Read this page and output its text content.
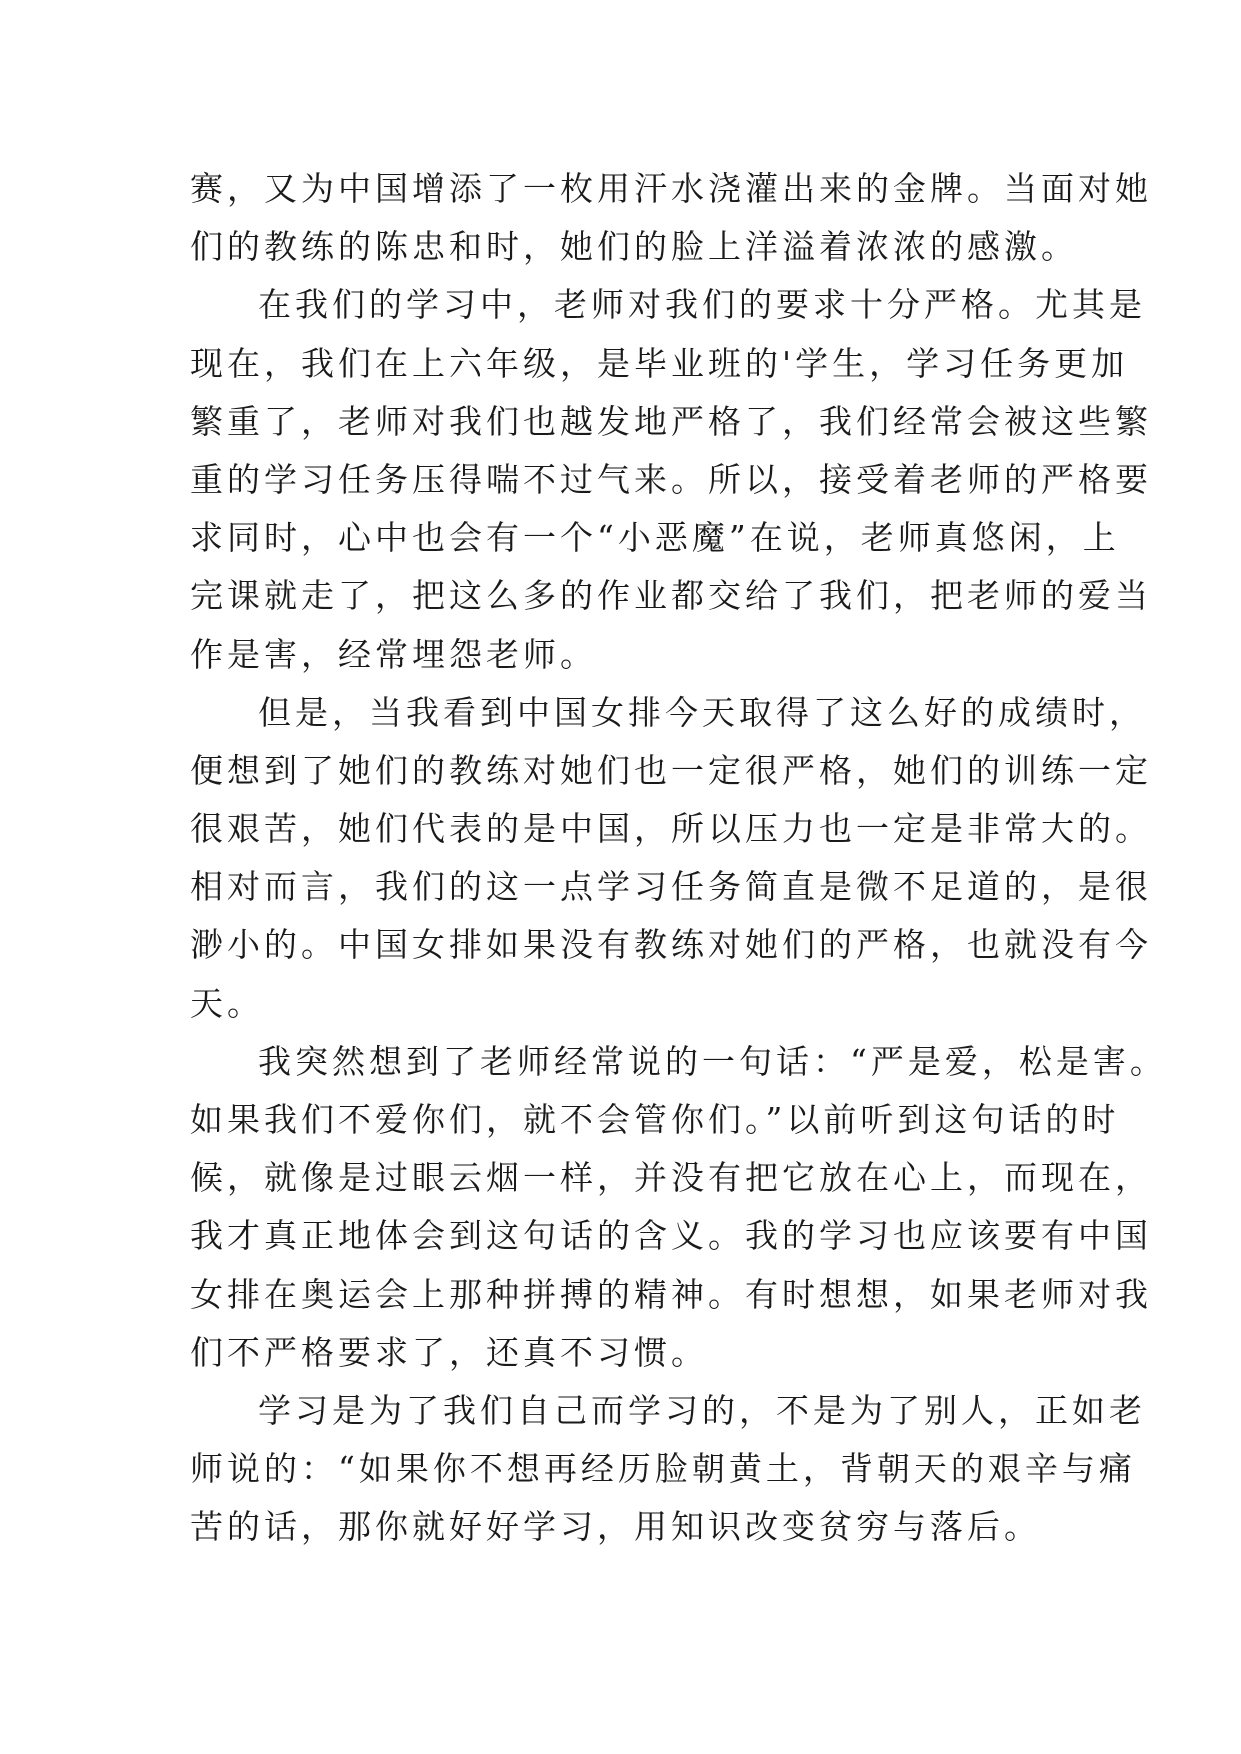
赛，又为中国增添了一枚用汗水浇灌出来的金牌。当面对她
们的教练的陈忠和时，她们的脸上洋溢着浓浓的感激。
在我们的学习中，老师对我们的要求十分严格。尤其是
现在，我们在上六年级，是毕业班的'学生，学习任务更加
繁重了，老师对我们也越发地严格了，我们经常会被这些繁
重的学习任务压得喘不过气来。所以，接受着老师的严格要
求同时，心中也会有一个“小恶魔”在说，老师真悠闲，上
完课就走了，把这么多的作业都交给了我们，把老师的爱当
作是害，经常埋怨老师。
但是，当我看到中国女排今天取得了这么好的成绩时，
便想到了她们的教练对她们也一定很严格，她们的训练一定
很艰苦，她们代表的是中国，所以压力也一定是非常大的。
相对而言，我们的这一点学习任务简直是微不足道的，是很
渺小的。中国女排如果没有教练对她们的严格，也就没有今
天。
我突然想到了老师经常说的一句话：“严是爱，松是害。
如果我们不爱你们，就不会管你们。”以前听到这句话的时
候，就像是过眼云烟一样，并没有把它放在心上，而现在，
我才真正地体会到这句话的含义。我的学习也应该要有中国
女排在奥运会上那种拼搏的精神。有时想想，如果老师对我
们不严格要求了，还真不习惯。
学习是为了我们自己而学习的，不是为了别人，正如老
师说的：“如果你不想再经历脸朝黄土，背朝天的艰辛与痛
苦的话，那你就好好学习，用知识改变贫穷与落后。
